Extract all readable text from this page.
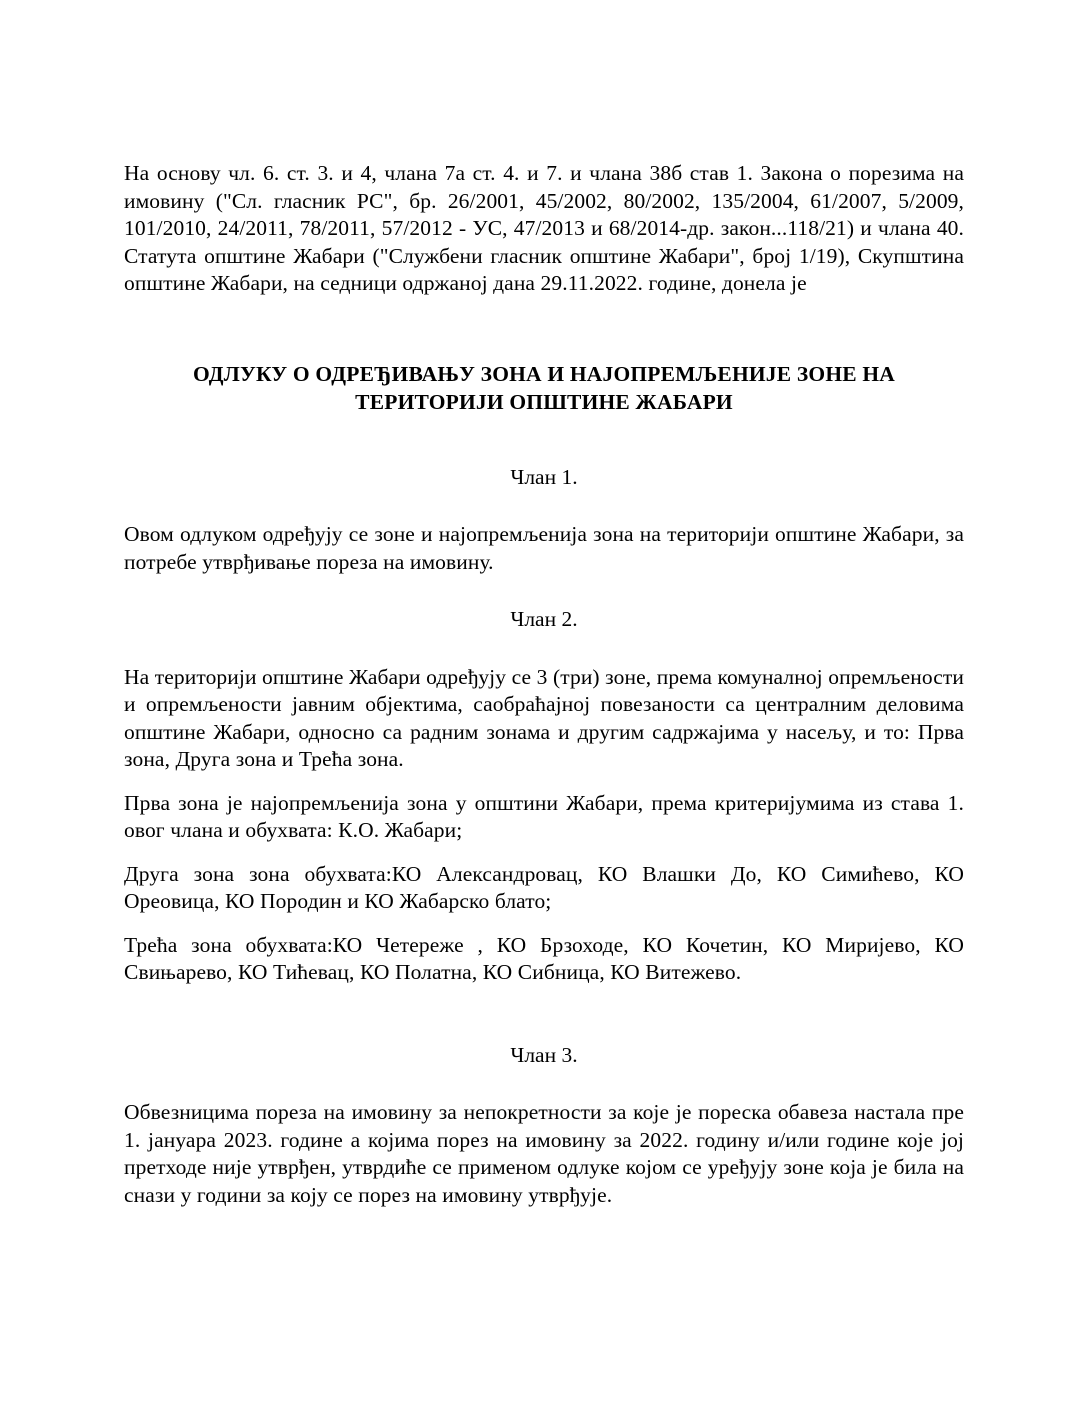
На основу чл. 6. ст. 3. и 4, члана 7а ст. 4. и 7. и члана 38б став 1. Закона о порезима на имовину ("Сл. гласник РС", бр. 26/2001, 45/2002, 80/2002, 135/2004, 61/2007, 5/2009, 101/2010, 24/2011, 78/2011, 57/2012 - УС, 47/2013 и 68/2014-др. закон...118/21) и члана 40. Статута општине Жабари ("Службени гласник општине Жабари", број 1/19), Скупштина општине Жабари, на седници одржаној дана 29.11.2022. године, донела је

ОДЛУКУ О ОДРЕЂИВАЊУ ЗОНА И НАЈОПРЕМЉЕНИЈЕ ЗОНЕ НА
ТЕРИТОРИЈИ ОПШТИНЕ ЖАБАРИ

Члан 1.

Овом одлуком одређују се зоне и најопремљенија зона на територији општине Жабари, за потребе утврђивање пореза на имовину.

Члан 2.

На територији општине Жабари одређују се 3 (три) зоне, према комуналној опремљености и опремљености јавним објектима, саобраћајној повезаности са централним деловима општине Жабари, односно са радним зонама и другим садржајима у насељу, и то: Прва зона, Друга зона и Трећа зона.

Прва зона је најопремљенија зона у општини Жабари, према критеријумима из става 1. овог члана и обухвата: К.О. Жабари;

Друга зона зона обухвата:КО Александровац, КО Влашки До, КО Симићево, КО Ореовица, КО Породин и КО Жабарско блато;

Трећа зона обухвата:КО Четереже , КО Брзоходе, КО Кочетин, КО Миријево, КО Свињарево, КО Тићевац, КО Полатна, КО Сибница, КО Витежево.

Члан 3.

Обвезницима пореза на имовину за непокретности за које је пореска обавеза настала пре 1. јануара 2023. године а којима порез на имовину за 2022. годину и/или године које јој претходе није утврђен, утврдиће се применом одлуке којом се уређују зоне која је била на снази у години за коју се порез на имовину утврђује.
